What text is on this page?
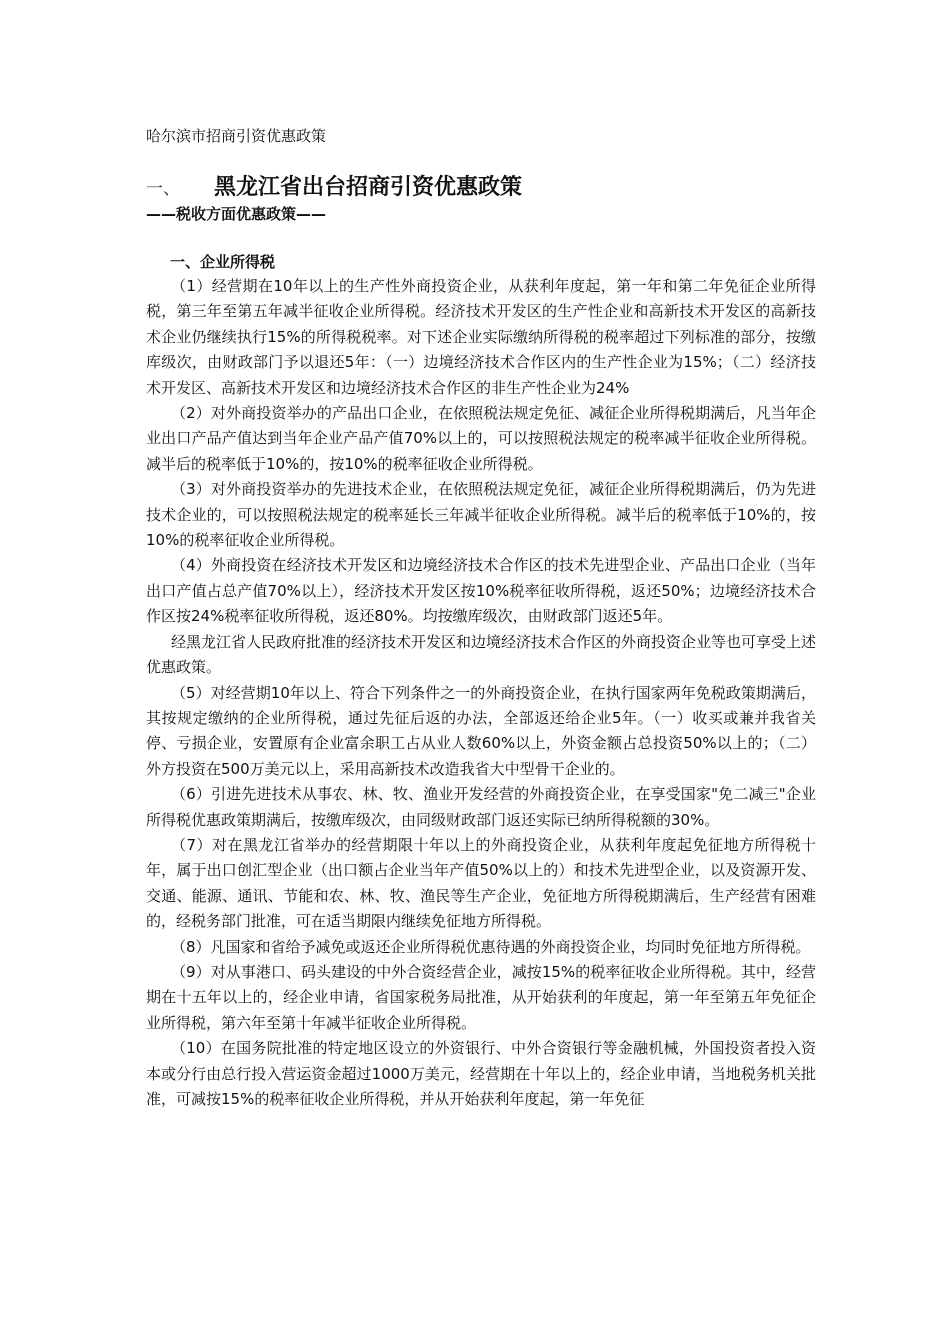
哈尔滨市招商引资优惠政策
一、 黑龙江省出台招商引资优惠政策
——税收方面优惠政策——
一、企业所得税

（1）经营期在10年以上的生产性外商投资企业，从获利年度起，第一年和第二年免征企业所得税，第三年至第五年减半征收企业所得税。经济技术开发区的生产性企业和高新技术开发区的高新技术企业仍继续执行15%的所得税税率。对下述企业实际缴纳所得税的税率超过下列标准的部分，按缴库级次，由财政部门予以退还5年：（一）边境经济技术合作区内的生产性企业为15%；（二）经济技术开发区、高新技术开发区和边境经济技术合作区的非生产性企业为24%

（2）对外商投资举办的产品出口企业，在依照税法规定免征、减征企业所得税期满后，凡当年企业出口产品产值达到当年企业产品产值70%以上的，可以按照税法规定的税率减半征收企业所得税。减半后的税率低于10%的，按10%的税率征收企业所得税。

（3）对外商投资举办的先进技术企业，在依照税法规定免征，减征企业所得税期满后，仍为先进技术企业的，可以按照税法规定的税率延长三年减半征收企业所得税。减半后的税率低于10%的，按10%的税率征收企业所得税。

（4）外商投资在经济技术开发区和边境经济技术合作区的技术先进型企业、产品出口企业（当年出口产值占总产值70%以上），经济技术开发区按10%税率征收所得税，返还50%；边境经济技术合作区按24%税率征收所得税，返还80%。均按缴库级次，由财政部门返还5年。

经黑龙江省人民政府批准的经济技术开发区和边境经济技术合作区的外商投资企业等也可享受上述优惠政策。

（5）对经营期10年以上、符合下列条件之一的外商投资企业，在执行国家两年免税政策期满后，其按规定缴纳的企业所得税，通过先征后返的办法，全部返还给企业5年。（一）收买或兼并我省关停、亏损企业，安置原有企业富余职工占从业人数60%以上，外资金额占总投资50%以上的；（二）外方投资在500万美元以上，采用高新技术改造我省大中型骨干企业的。

（6）引进先进技术从事农、林、牧、渔业开发经营的外商投资企业，在享受国家"免二减三"企业所得税优惠政策期满后，按缴库级次，由同级财政部门返还实际已纳所得税额的30%。

（7）对在黑龙江省举办的经营期限十年以上的外商投资企业，从获利年度起免征地方所得税十年，属于出口创汇型企业（出口额占企业当年产值50%以上的）和技术先进型企业，以及资源开发、交通、能源、通讯、节能和农、林、牧、渔民等生产企业，免征地方所得税期满后，生产经营有困难的，经税务部门批准，可在适当期限内继续免征地方所得税。

（8）凡国家和省给予减免或返还企业所得税优惠待遇的外商投资企业，均同时免征地方所得税。

（9）对从事港口、码头建设的中外合资经营企业，减按15%的税率征收企业所得税。其中，经营期在十五年以上的，经企业申请，省国家税务局批准，从开始获利的年度起，第一年至第五年免征企业所得税，第六年至第十年减半征收企业所得税。

（10）在国务院批准的特定地区设立的外资银行、中外合资银行等金融机械，外国投资者投入资本或分行由总行投入营运资金超过1000万美元，经营期在十年以上的，经企业申请，当地税务机关批准，可减按15%的税率征收企业所得税，并从开始获利年度起，第一年免征
